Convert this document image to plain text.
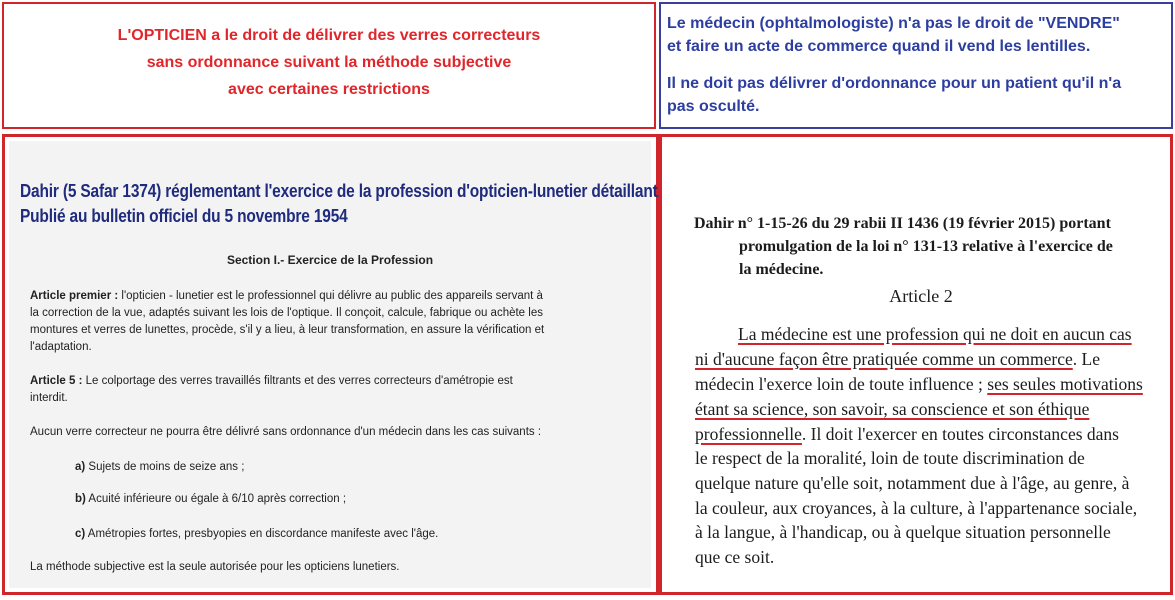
L'OPTICIEN a le droit de délivrer des verres correcteurs
sans ordonnance suivant la méthode subjective
avec certaines restrictions
Le médecin (ophtalmologiste) n'a pas le droit de "VENDRE"
et faire un acte de commerce quand il vend les lentilles.
Il ne doit pas délivrer d'ordonnance pour un patient qu'il n'a
pas osculté.
Dahir (5 Safar 1374) réglementant l'exercice de la profession d'opticien-lunetier détaillant.
Publié au bulletin officiel du 5 novembre 1954
Section I.- Exercice de la Profession
Article premier : l'opticien - lunetier est le professionnel qui délivre au public des appareils servant à
la correction de la vue, adaptés suivant les lois de l'optique. Il conçoit, calcule, fabrique ou achète les
montures et verres de lunettes, procède, s'il y a lieu, à leur transformation, en assure la vérification et
l'adaptation.
Article 5 : Le colportage des verres travaillés filtrants et des verres correcteurs d'amétropie est
interdit.
Aucun verre correcteur ne pourra être délivré sans ordonnance d'un médecin dans les cas suivants :
a) Sujets de moins de seize ans ;
b) Acuité inférieure ou égale à 6/10 après correction ;
c) Amétropies fortes, presbyopies en discordance manifeste avec l'âge.
La méthode subjective est la seule autorisée pour les opticiens lunetiers.
Dahir n° 1-15-26 du 29 rabii II 1436 (19 février 2015) portant
promulgation de la loi n° 131-13 relative à l'exercice de
la médecine.
Article 2
La médecine est une profession qui ne doit en aucun cas
ni d'aucune façon être pratiquée comme un commerce. Le
médecin l'exerce loin de toute influence ; ses seules motivations
étant sa science, son savoir, sa conscience et son éthique
professionnelle. Il doit l'exercer en toutes circonstances dans
le respect de la moralité, loin de toute discrimination de
quelque nature qu'elle soit, notamment due à l'âge, au genre, à
la couleur, aux croyances, à la culture, à l'appartenance sociale,
à la langue, à l'handicap, ou à quelque situation personnelle
que ce soit.
